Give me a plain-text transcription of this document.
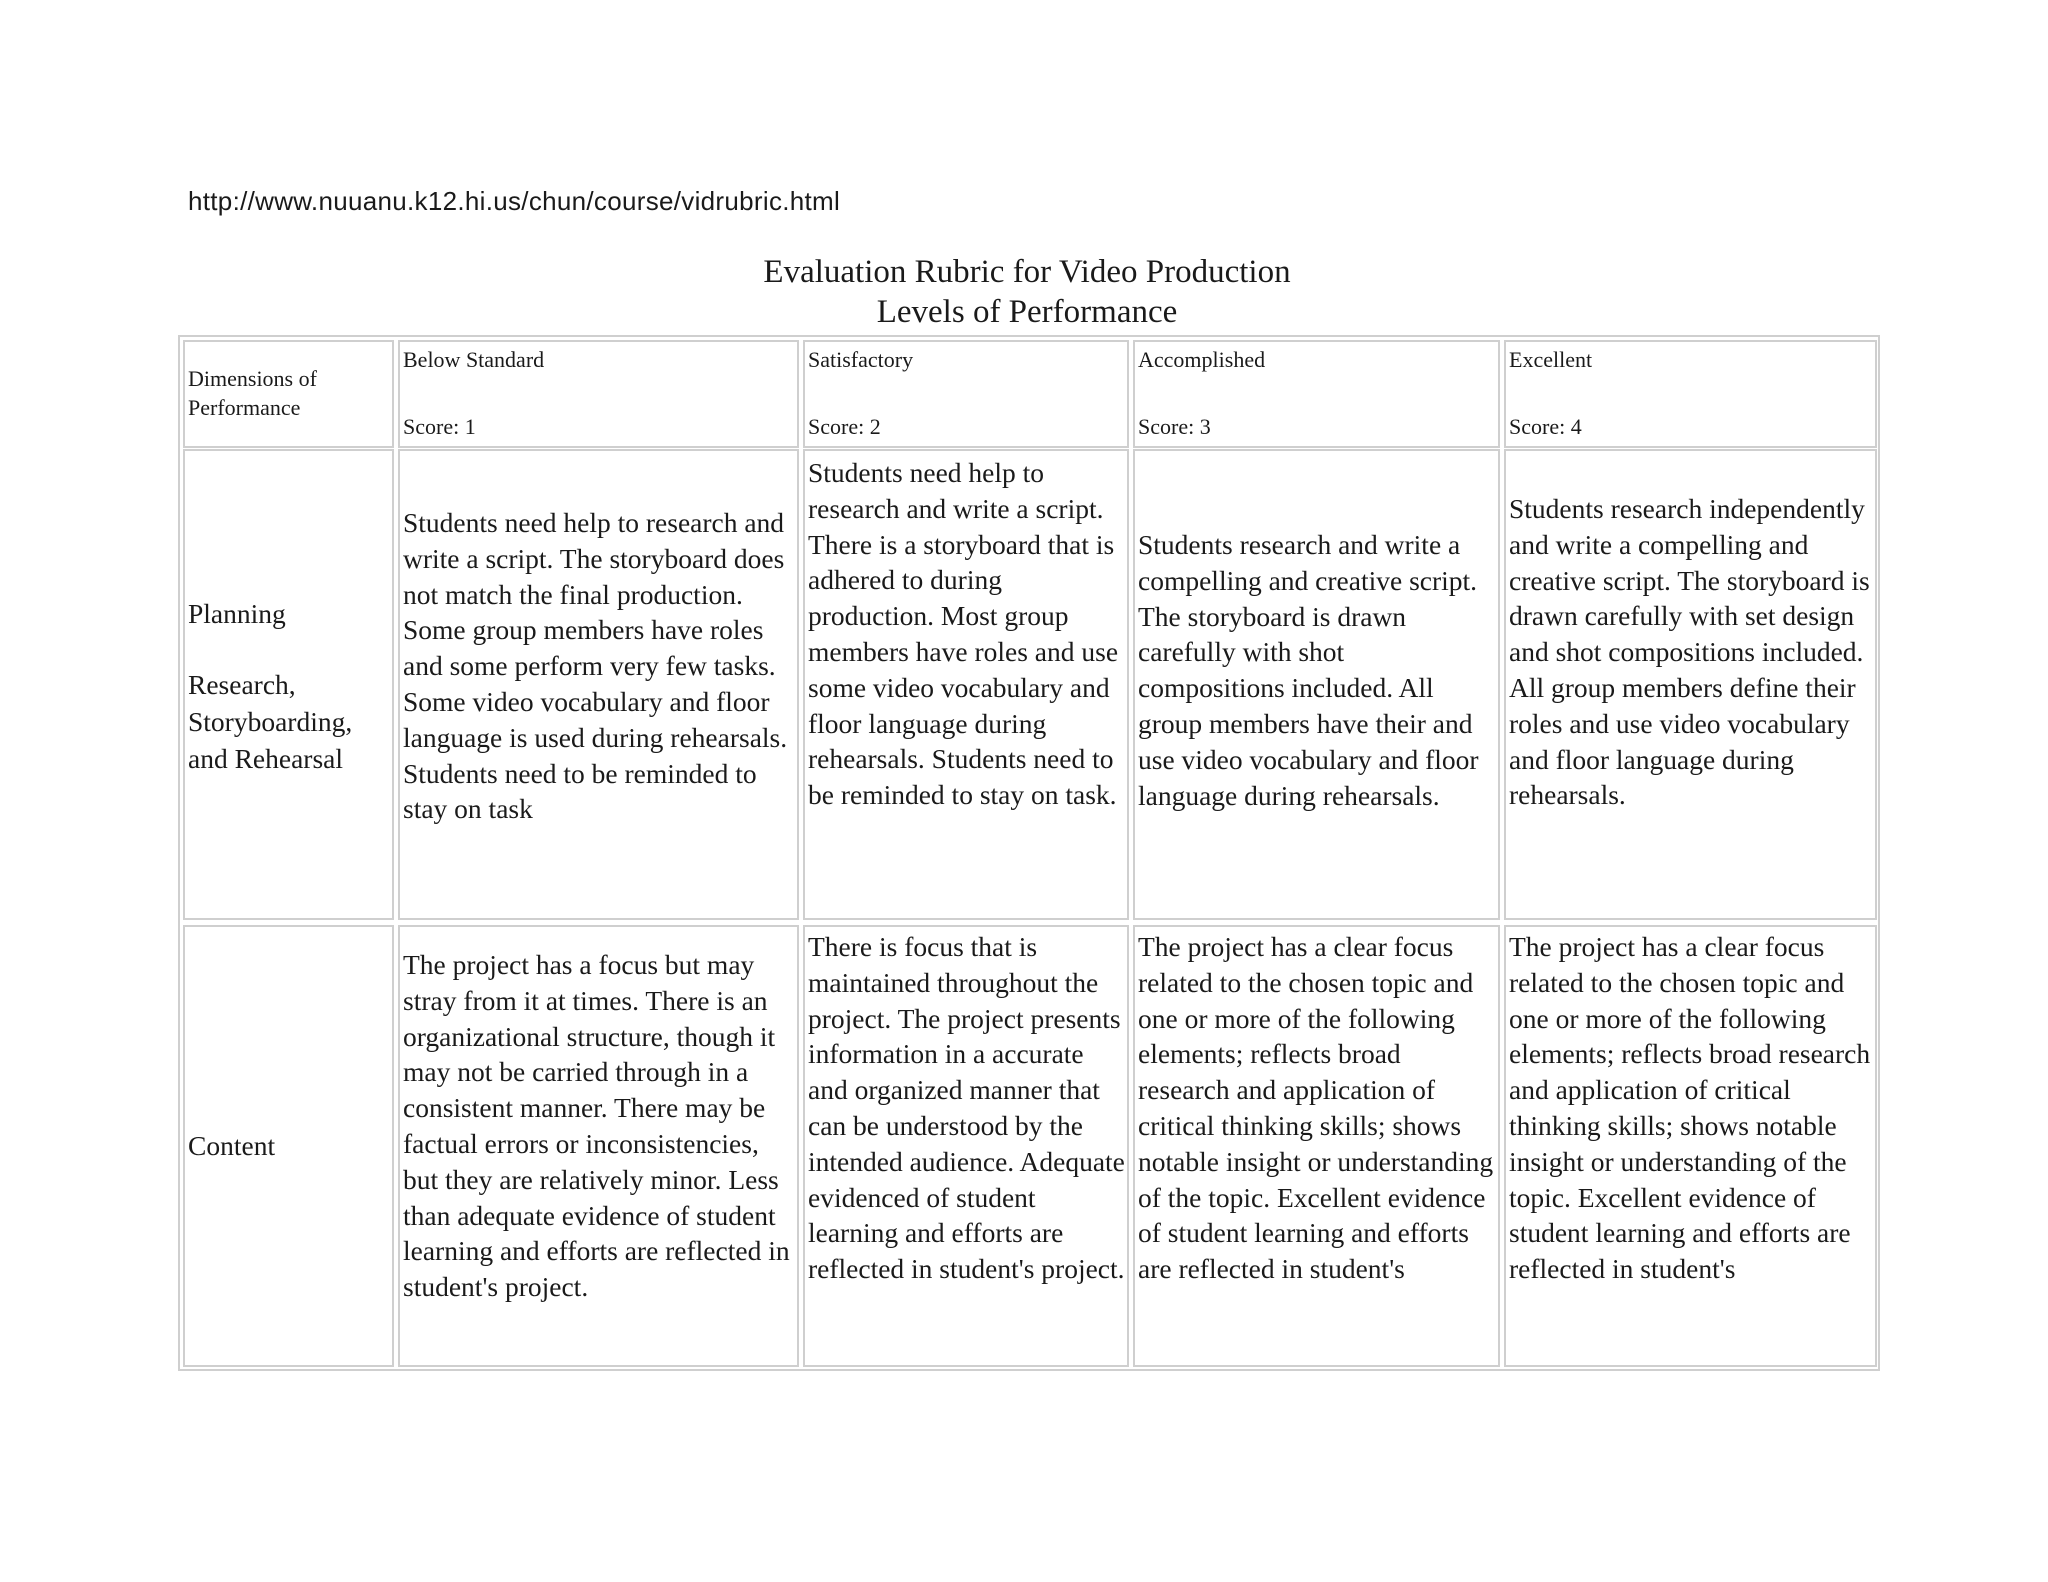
http://www.nuuanu.k12.hi.us/chun/course/vidrubric.html
Evaluation Rubric for Video Production
Levels of Performance
Dimensions of Performance
Below Standard
Score: 1
Satisfactory
Score: 2
Accomplished
Score: 3
Excellent
Score: 4
Planning
Research, Storyboarding, and Rehearsal
Students need help to research and write a script. The storyboard does not match the final production. Some group members have roles and some perform very few tasks. Some video vocabulary and floor language is used during rehearsals. Students need to be reminded to stay on task
Students need help to research and write a script. There is a storyboard that is adhered to during production. Most group members have roles and use some video vocabulary and floor language during rehearsals. Students need to be reminded to stay on task.
Students research and write a compelling and creative script. The storyboard is drawn carefully with shot compositions included. All group members have their and use video vocabulary and floor language during rehearsals.
Students research independently and write a compelling and creative script. The storyboard is drawn carefully with set design and shot compositions included. All group members define their roles and use video vocabulary and floor language during rehearsals.
Content
The project has a focus but may stray from it at times. There is an organizational structure, though it may not be carried through in a consistent manner. There may be factual errors or inconsistencies, but they are relatively minor. Less than adequate evidence of student learning and efforts are reflected in student's project.
There is focus that is maintained throughout the project. The project presents information in a accurate and organized manner that can be understood by the intended audience. Adequate evidenced of student learning and efforts are reflected in student's project.
The project has a clear focus related to the chosen topic and one or more of the following elements; reflects broad research and application of critical thinking skills; shows notable insight or understanding of the topic. Excellent evidence of student learning and efforts are reflected in student's
The project has a clear focus related to the chosen topic and one or more of the following elements; reflects broad research and application of critical thinking skills; shows notable insight or understanding of the topic. Excellent evidence of student learning and efforts are reflected in student's
